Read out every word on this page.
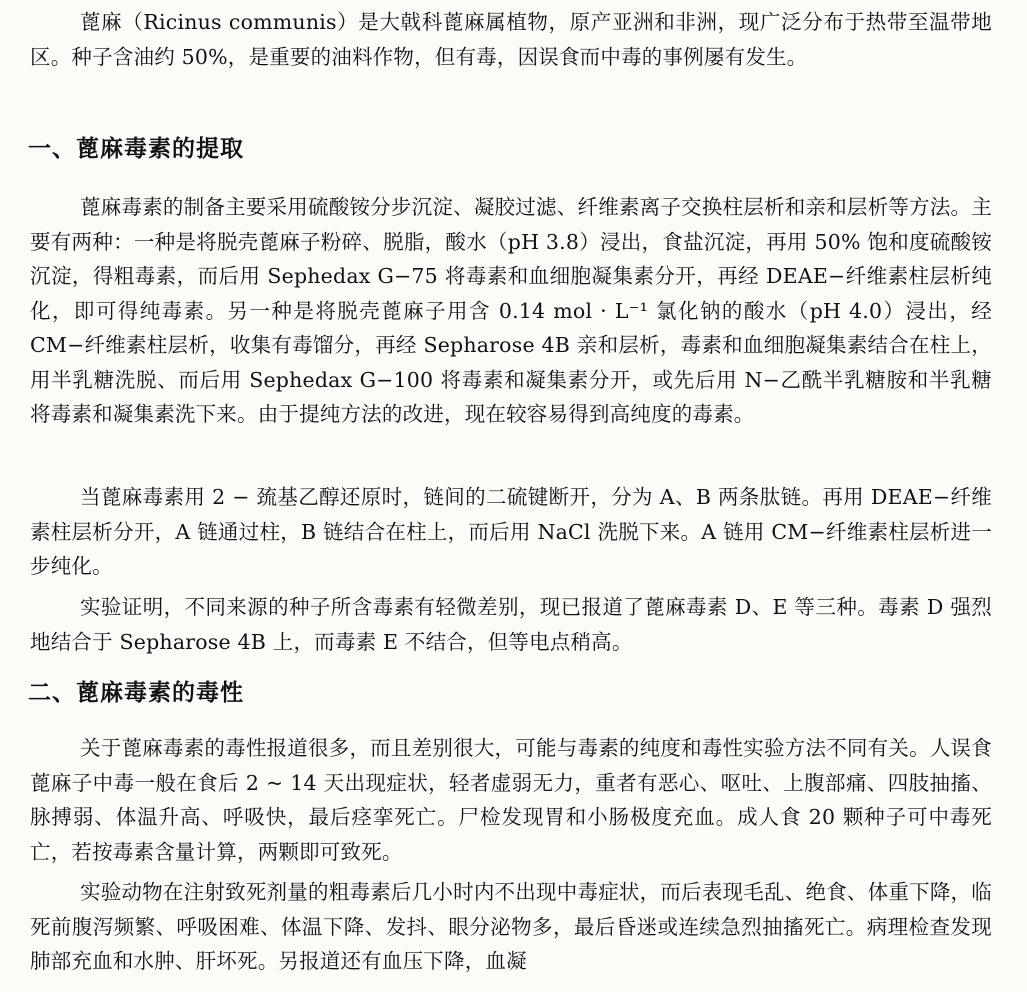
蓖麻（Ricinus communis）是大戟科蓖麻属植物，原产亚洲和非洲，现广泛分布于热带至温带地区。种子含油约 50%，是重要的油料作物，但有毒，因误食而中毒的事例屡有发生。

一、蓖麻毒素的提取

蓖麻毒素的制备主要采用硫酸铵分步沉淀、凝胶过滤、纤维素离子交换柱层析和亲和层析等方法。主要有两种：一种是将脱壳蓖麻子粉碎、脱脂，酸水（pH 3.8）浸出，食盐沉淀，再用 50% 饱和度硫酸铵沉淀，得粗毒素，而后用 Sephedax G−75 将毒素和血细胞凝集素分开，再经 DEAE−纤维素柱层析纯化，即可得纯毒素。另一种是将脱壳蓖麻子用含 0.14 mol · L⁻¹ 氯化钠的酸水（pH 4.0）浸出，经 CM−纤维素柱层析，收集有毒馏分，再经 Sepharose 4B 亲和层析，毒素和血细胞凝集素结合在柱上，用半乳糖洗脱、而后用 Sephedax G−100 将毒素和凝集素分开，或先后用 N−乙酰半乳糖胺和半乳糖将毒素和凝集素洗下来。由于提纯方法的改进，现在较容易得到高纯度的毒素。

当蓖麻毒素用 2 − 巯基乙醇还原时，链间的二硫键断开，分为 A、B 两条肽链。再用 DEAE−纤维素柱层析分开，A 链通过柱，B 链结合在柱上，而后用 NaCl 洗脱下来。A 链用 CM−纤维素柱层析进一步纯化。

实验证明，不同来源的种子所含毒素有轻微差别，现已报道了蓖麻毒素 D、E 等三种。毒素 D 强烈地结合于 Sepharose 4B 上，而毒素 E 不结合，但等电点稍高。

二、蓖麻毒素的毒性

关于蓖麻毒素的毒性报道很多，而且差别很大，可能与毒素的纯度和毒性实验方法不同有关。人误食蓖麻子中毒一般在食后 2 ~ 14 天出现症状，轻者虚弱无力，重者有恶心、呕吐、上腹部痛、四肢抽搐、脉搏弱、体温升高、呼吸快，最后痉挛死亡。尸检发现胃和小肠极度充血。成人食 20 颗种子可中毒死亡，若按毒素含量计算，两颗即可致死。

实验动物在注射致死剂量的粗毒素后几小时内不出现中毒症状，而后表现毛乱、绝食、体重下降，临死前腹泻频繁、呼吸困难、体温下降、发抖、眼分泌物多，最后昏迷或连续急烈抽搐死亡。病理检查发现肺部充血和水肿、肝坏死。另报道还有血压下降，血凝
